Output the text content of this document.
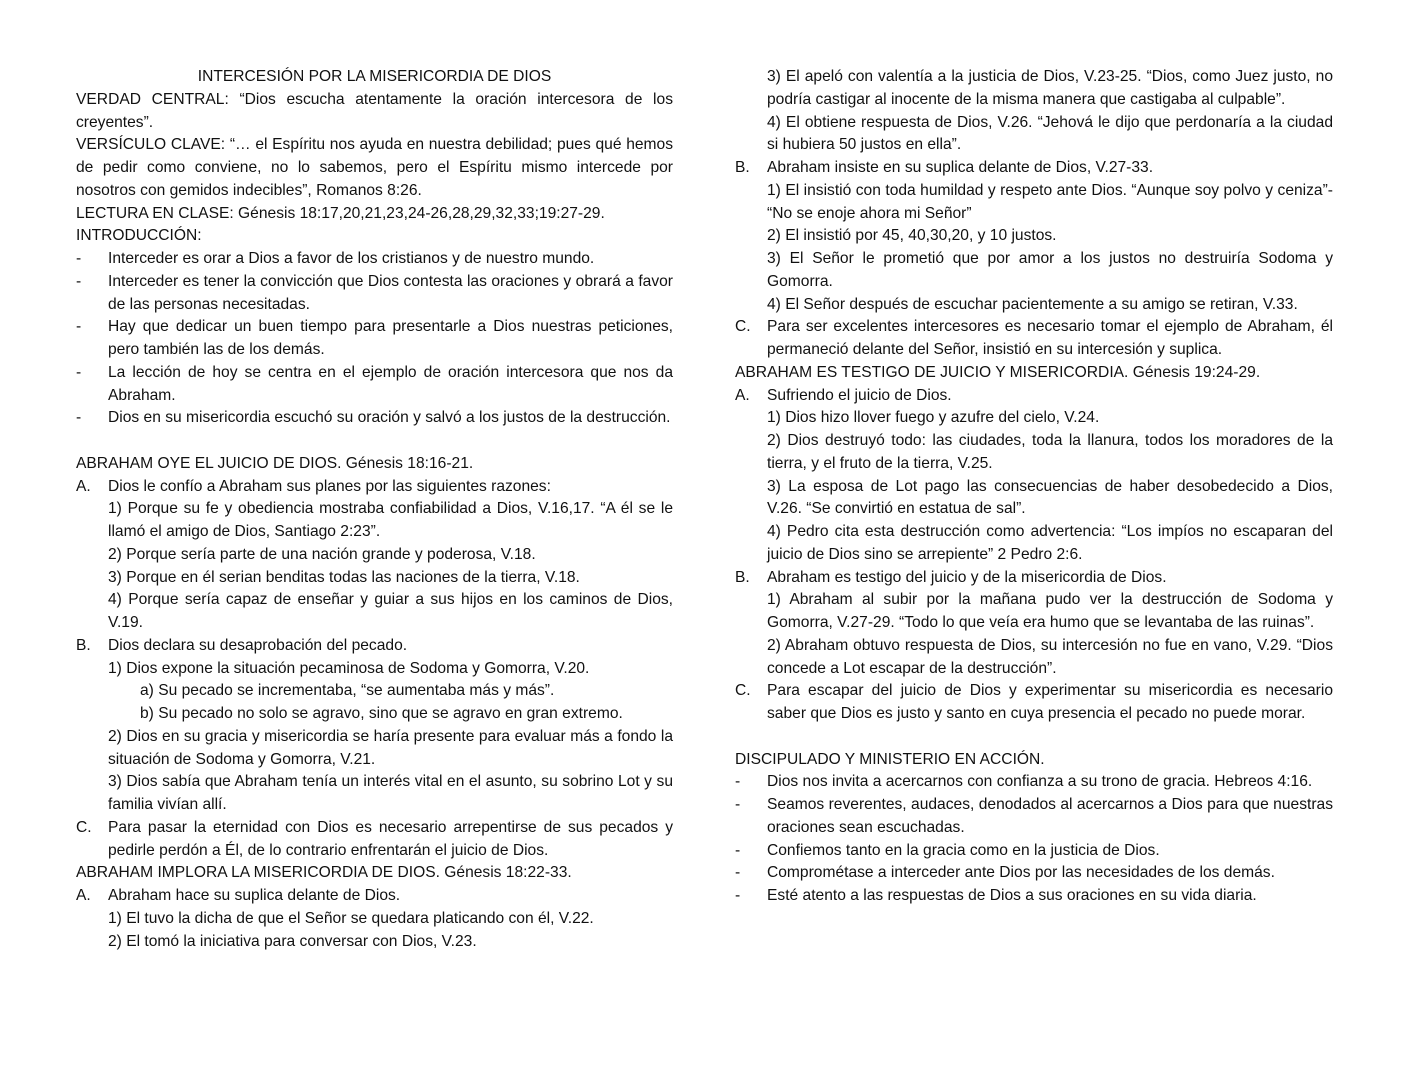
INTERCESIÓN POR LA MISERICORDIA DE DIOS
VERDAD CENTRAL: “Dios escucha atentamente la oración intercesora de los creyentes”.
VERSÍCULO CLAVE: “… el Espíritu nos ayuda en nuestra debilidad; pues qué hemos de pedir como conviene, no lo sabemos, pero el Espíritu mismo intercede por nosotros con gemidos indecibles”, Romanos 8:26.
LECTURA EN CLASE: Génesis 18:17,20,21,23,24-26,28,29,32,33;19:27-29.
INTRODUCCIÓN:
- Interceder es orar a Dios a favor de los cristianos y de nuestro mundo.
- Interceder es tener la convicción que Dios contesta las oraciones y obrará a favor de las personas necesitadas.
- Hay que dedicar un buen tiempo para presentarle a Dios nuestras peticiones, pero también las de los demás.
- La lección de hoy se centra en el ejemplo de oración intercesora que nos da Abraham.
- Dios en su misericordia escuchó su oración y salvó a los justos de la destrucción.
ABRAHAM OYE EL JUICIO DE DIOS. Génesis 18:16-21.
A. Dios le confío a Abraham sus planes por las siguientes razones:
1) Porque su fe y obediencia mostraba confiabilidad a Dios, V.16,17. “A él se le llamó el amigo de Dios, Santiago 2:23”.
2) Porque sería parte de una nación grande y poderosa, V.18.
3) Porque en él serian benditas todas las naciones de la tierra, V.18.
4) Porque sería capaz de enseñar y guiar a sus hijos en los caminos de Dios, V.19.
B. Dios declara su desaprobación del pecado.
1) Dios expone la situación pecaminosa de Sodoma y Gomorra, V.20.
a) Su pecado se incrementaba, “se aumentaba más y más”.
b) Su pecado no solo se agravo, sino que se agravo en gran extremo.
2) Dios en su gracia y misericordia se haría presente para evaluar más a fondo la situación de Sodoma y Gomorra, V.21.
3) Dios sabía que Abraham tenía un interés vital en el asunto, su sobrino Lot y su familia vivían allí.
C. Para pasar la eternidad con Dios es necesario arrepentirse de sus pecados y pedirle perdón a Él, de lo contrario enfrentarán el juicio de Dios.
ABRAHAM IMPLORA LA MISERICORDIA DE DIOS. Génesis 18:22-33.
A. Abraham hace su suplica delante de Dios.
1) El tuvo la dicha de que el Señor se quedara platicando con él, V.22.
2) El tomó la iniciativa para conversar con Dios, V.23.
3) El apeló con valentía a la justicia de Dios, V.23-25. “Dios, como Juez justo, no podría castigar al inocente de la misma manera que castigaba al culpable”.
4) El obtiene respuesta de Dios, V.26. “Jehová le dijo que perdonaría a la ciudad si hubiera 50 justos en ella”.
B. Abraham insiste en su suplica delante de Dios, V.27-33.
1) El insistió con toda humildad y respeto ante Dios. “Aunque soy polvo y ceniza”- “No se enoje ahora mi Señor”
2) El insistió por 45, 40,30,20, y 10 justos.
3) El Señor le prometió que por amor a los justos no destruiría Sodoma y Gomorra.
4) El Señor después de escuchar pacientemente a su amigo se retiran, V.33.
C. Para ser excelentes intercesores es necesario tomar el ejemplo de Abraham, él permaneció delante del Señor, insistió en su intercesión y suplica.
ABRAHAM ES TESTIGO DE JUICIO Y MISERICORDIA. Génesis 19:24-29.
A. Sufriendo el juicio de Dios.
1) Dios hizo llover fuego y azufre del cielo, V.24.
2) Dios destruyó todo: las ciudades, toda la llanura, todos los moradores de la tierra, y el fruto de la tierra, V.25.
3) La esposa de Lot pago las consecuencias de haber desobedecido a Dios, V.26. “Se convirtió en estatua de sal”.
4) Pedro cita esta destrucción como advertencia: “Los impíos no escaparan del juicio de Dios sino se arrepiente” 2 Pedro 2:6.
B. Abraham es testigo del juicio y de la misericordia de Dios.
1) Abraham al subir por la mañana pudo ver la destrucción de Sodoma y Gomorra, V.27-29. “Todo lo que veía era humo que se levantaba de las ruinas”.
2) Abraham obtuvo respuesta de Dios, su intercesión no fue en vano, V.29. “Dios concede a Lot escapar de la destrucción”.
C. Para escapar del juicio de Dios y experimentar su misericordia es necesario saber que Dios es justo y santo en cuya presencia el pecado no puede morar.
DISCIPULADO Y MINISTERIO EN ACCIÓN.
- Dios nos invita a acercarnos con confianza a su trono de gracia. Hebreos 4:16.
- Seamos reverentes, audaces, denodados al acercarnos a Dios para que nuestras oraciones sean escuchadas.
- Confiemos tanto en la gracia como en la justicia de Dios.
- Comprométase a interceder ante Dios por las necesidades de los demás.
- Esté atento a las respuestas de Dios a sus oraciones en su vida diaria.
